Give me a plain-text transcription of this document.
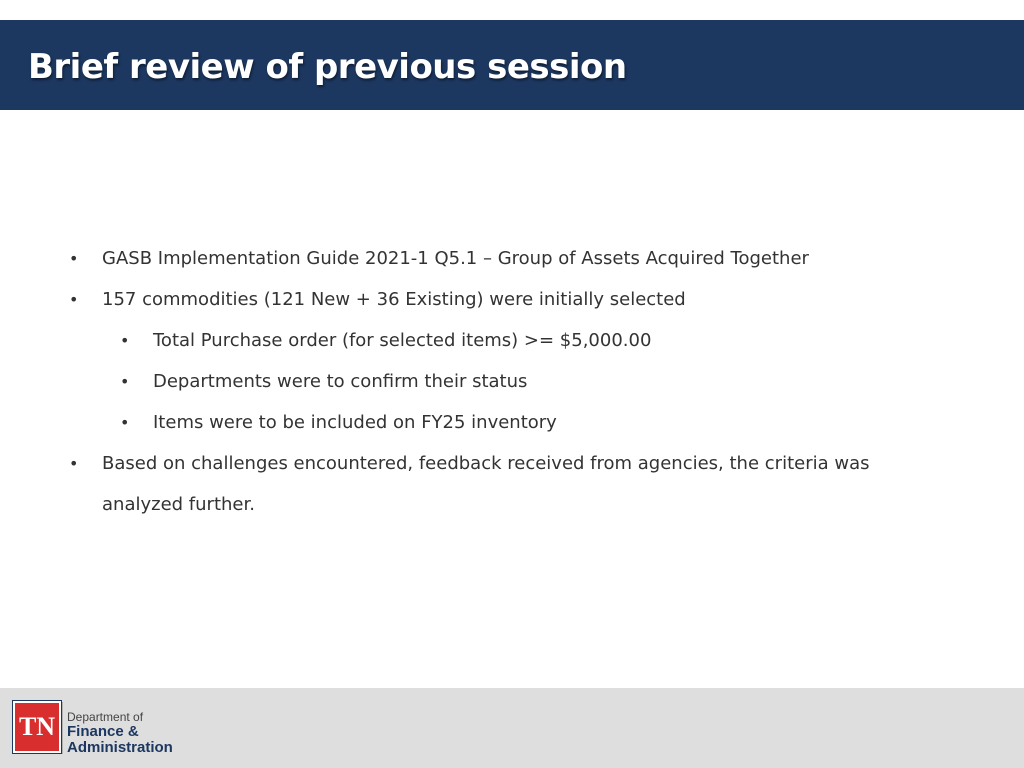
Brief review of previous session
• GASB Implementation Guide 2021-1 Q5.1 – Group of Assets Acquired Together
• 157 commodities (121 New + 36 Existing) were initially selected
• Total Purchase order (for selected items) >= $5,000.00
• Departments were to confirm their status
• Items were to be included on FY25 inventory
• Based on challenges encountered, feedback received from agencies, the criteria was
analyzed further.
TN Department of
Finance &
Administration
